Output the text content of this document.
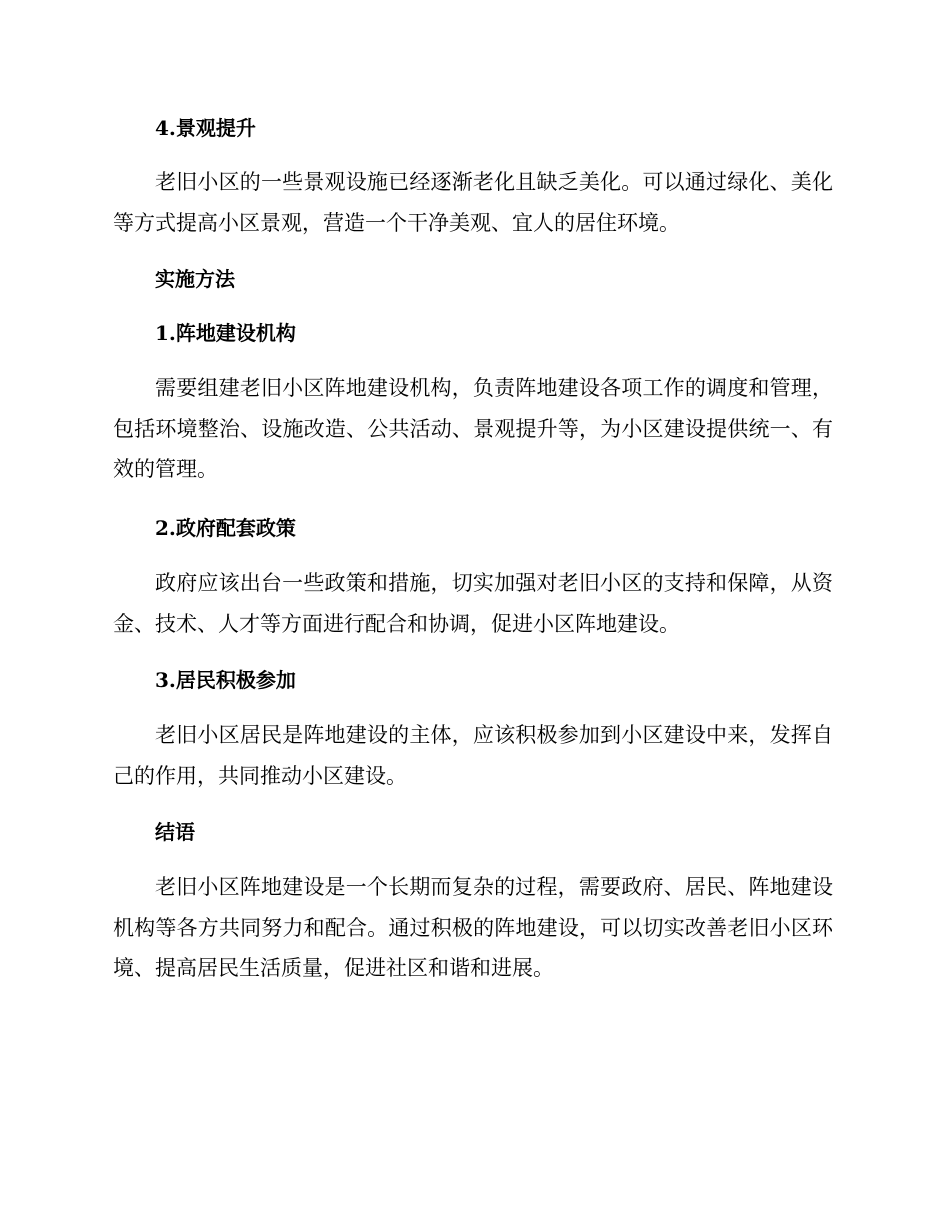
4.景观提升

老旧小区的一些景观设施已经逐渐老化且缺乏美化。可以通过绿化、美化等方式提高小区景观，营造一个干净美观、宜人的居住环境。

实施方法
1.阵地建设机构

需要组建老旧小区阵地建设机构，负责阵地建设各项工作的调度和管理，包括环境整治、设施改造、公共活动、景观提升等，为小区建设提供统一、有效的管理。

2.政府配套政策

政府应该出台一些政策和措施，切实加强对老旧小区的支持和保障，从资金、技术、人才等方面进行配合和协调，促进小区阵地建设。

3.居民积极参加

老旧小区居民是阵地建设的主体，应该积极参加到小区建设中来，发挥自己的作用，共同推动小区建设。

结语

老旧小区阵地建设是一个长期而复杂的过程，需要政府、居民、阵地建设机构等各方共同努力和配合。通过积极的阵地建设，可以切实改善老旧小区环境、提高居民生活质量，促进社区和谐和进展。
